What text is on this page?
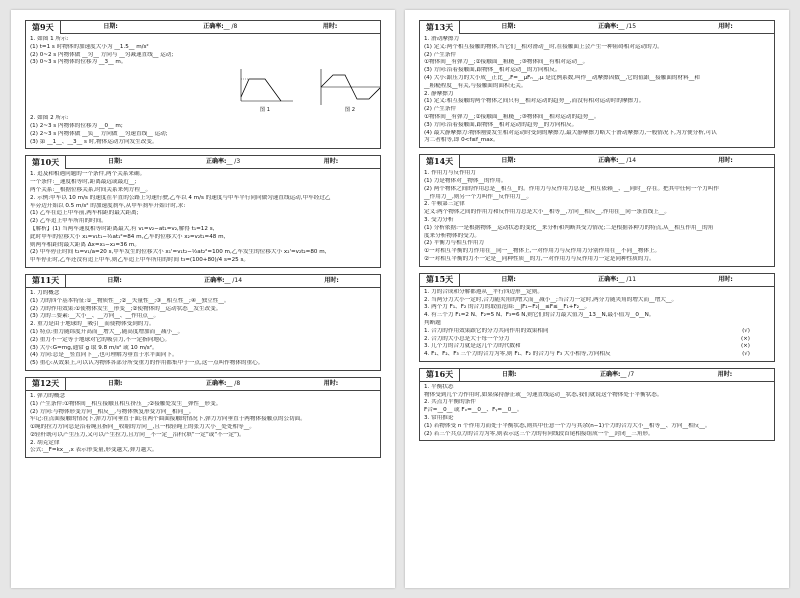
第9天	日期:	正确率:__ /8	用时:
1. 如图 1 所示:
(1) t=1 s 时物体的加速度大小为 __1.5__ m/s²
(2) 0~2 s 内物体做 __匀__ 方向与 __匀减速直线__ 运动;
(3) 0~3 s 内物体的位移为 __3__ m。
图 1	图 2
2. 如图 2 所示:
(1) 2~3 s 内物体的位移为 __0__ m;
(2) 2~3 s 内物体做 __负__ 方向做 __匀速直线__ 运动;
(3) 第 __1__、__3__ s 时,物体运动方向发生改变。
第10天	日期:	正确率:__ /3	用时:
1. 追及和相遇问题的一个条件,两个关系来确。
一个条件:__速度相等时,距离最远或最近__;
两个关系:__根据位移关系,时间关系来列方程__。
2. 示例:甲车以 10 m/s 的速度在平直的公路上匀速行驶,乙车以 4 m/s 的速度与甲车平行同向做匀速直线运动,甲车经过乙
车旁边开始以 0.5 m/s² 的加速度刹车,从甲车刹车开始计时,求:
(1) 乙车在追上甲车前,两车相距的最大距离;
(2) 乙车追上甲车所用的时间。
【解析】(1) 当两车速度相等时距离最大,有 v₁=v₂−at₁=v₂,解得 t₁=12 s,
此时甲车的位移大小 x₁=v₁t₁−½at₁²=84 m,乙车的位移大小 x₂=v₂t₁=48 m,
则两车相距的最大距离 Δx=x₁−x₂=36 m。
(2) 甲车停止时间 t₂=v₁/a=20 s,甲车发生的位移大小 x₁'=v₁t₂−½at₂²=100 m,乙车发生的位移大小 x₂'=v₂t₂=80 m,
甲车停止时,乙车还没有追上甲车,则乙车追上甲车所用的时间 t₃=(100+80)/4 s=25 s。
第11天	日期:	正确率:__ /14	用时:
1. 力的概念
(1) 力的四个基本特征:①__物质性__;②__矢量性__;③__相互性__;④__独立性__。
(2) 力的作用效果:①使物体发生__形变__;②使物体的__运动状态__发生改变。
(3) 力的三要素:__大小__、__方向__、__作用点__。
2. 重力是由于地球的__吸引__而使物体受到的力。
(1) 特点:重力随纬度升高而__增大__,随高度增加而__减小__。
(2) 重力不一定等于地球对它的吸引力,不一定指向地心。
(3) 大小:G=mg,通常 g 取 9.8 m/s² 或 10 m/s²。
(4) 方向:总是__竖直向下__,也可理解为垂直于水平面向下。
(5) 重心:从效果上,可以认为物体各部分所受重力的作用都集中于一点,这一点叫作物体的重心。
第12天	日期:	正确率:__ /8	用时:
1. 弹力的概念
(1) 产生条件:①物体间__相互接触且相互挤压__;②接触处发生__弹性__形变。
(2) 方向:与物体形变方向__相反__,与物体恢复形变方向__相同__。
牢记:在点面接触的情况下,弹力方向垂直于面;在两个曲面接触的情况下,弹力方向垂直于两物体接触点的公切面。
①绳的拉力方向总是沿着绳且指向__收缩的方向__,且一根轻绳上的张力大小__处处相等__。
②轻杆既可以产生压力,又可以产生拉力,且方向__不一定__沿杆(填“一定”或“不一定”)。
2. 胡克定律
公式:__F=kx__,x 表示形变量,形变越大,弹力越大。
第13天	日期:	正确率:__ /15	用时:
1. 滑动摩擦力
(1) 定义:两个相互接触的物体,当它们__相对滑动__时,在接触面上会产生一种阻碍相对运动的力。
(2) 产生条件
①物体间__有弹力__;②接触面__粗糙__;③物体间__有相对运动__。
(3) 方向:沿着接触面,跟物体__相对运动__的方向相反。
(4) 大小:跟压力的大小成__正比__,F=__μFₙ__,μ 是比例系数,叫作__动摩擦因数__,它的值跟__接触面的材料__和
__粗糙程度__有关,与接触面的面积无关。
2. 静摩擦力
(1) 定义:相互接触的两个物体之间只有__相对运动的趋势__,而没有相对运动时的摩擦力。
(2) 产生条件
①物体间__有弹力__;②接触面__粗糙__;③物体间__相对运动的趋势__。
(3) 方向:沿着接触面,跟物体__相对运动的趋势__的方向相反。
(4) 最大静摩擦力:物体刚要发生相对运动时受到的摩擦力,最大静摩擦力略大于滑动摩擦力,一般情况下,为方便分析,可认
为二者相等,即 0<f≤f_max。
第14天	日期:	正确率:__ /14	用时:
1. 作用力与反作用力
(1) 力是物体对__物体__的作用。
(2) 两个物体之间的作用总是__相互__的。作用力与反作用力总是__相互依赖__、__同时__存在。把其中任何一个力叫作
__作用力__,则另一个力叫作__反作用力__。
2. 牛顿第三定律
定义:两个物体之间的作用力和反作用力总是大小__相等__,方向__相反__,作用在__同一条直线上__。
3. 受力分析
(1) 分析依据:一是根据物体__运动状态的变化__来分析和判断其受力情况;二是根据各种力的特点,从__相互作用__的角
度来分析物体的受力。
(2) 平衡力与相互作用力
①一对相互平衡的力作用在__同一__物体上,一对作用力与反作用力分别作用在__不同__物体上。
②一对相互平衡的力不一定是__同种性质__的力,一对作用力与反作用力一定是同种性质的力。
第15天	日期:	正确率:__ /11	用时:
1. 力的合成和分解都遵从__平行四边形__定则。
2. 当两分力大小一定时,合力随夹角的增大而__减小__;当合力一定时,两分力随夹角的增大而__增大__。
3. 两个力 F₁、F₂ 的合力的取值范围:__|F₁−F₂|__≤F≤__F₁+F₂__。
4. 有三个力 F₁=2 N、F₂=5 N、F₃=6 N,则它们的合力最大值为__13__N,最小值为__0__N。
判断题
1. 合力的作用效果跟它的分力共同作用的效果相同	(√)
2. 合力的大小总是大于每一个分力	(×)
3. 几个力的合力就是这几个力的代数和	(×)
4. F₁、F₂、F₃ 三个力的合力为零,则 F₁、F₂ 的合力与 F₃ 大小相等,方向相反	(√)
第16天	日期:	正确率:__ /7	用时:
1. 平衡状态
物体受到几个力作用时,如果保持静止或__匀速直线运动__状态,我们就说这个物体处于平衡状态。
2. 共点力平衡的条件
F合=__0__ 或 Fₓ=__0__、Fᵧ=__0__。
3. 常用推论
(1) 若物体受 n 个作用力而处于平衡状态,则其中任意一个力与其余(n−1)个力的合力大小__相等__、方向__相反__。
(2) 若三个共点力的合力为零,则表示这三个力的有向线段首尾相接组成一个__封闭__三角形。
